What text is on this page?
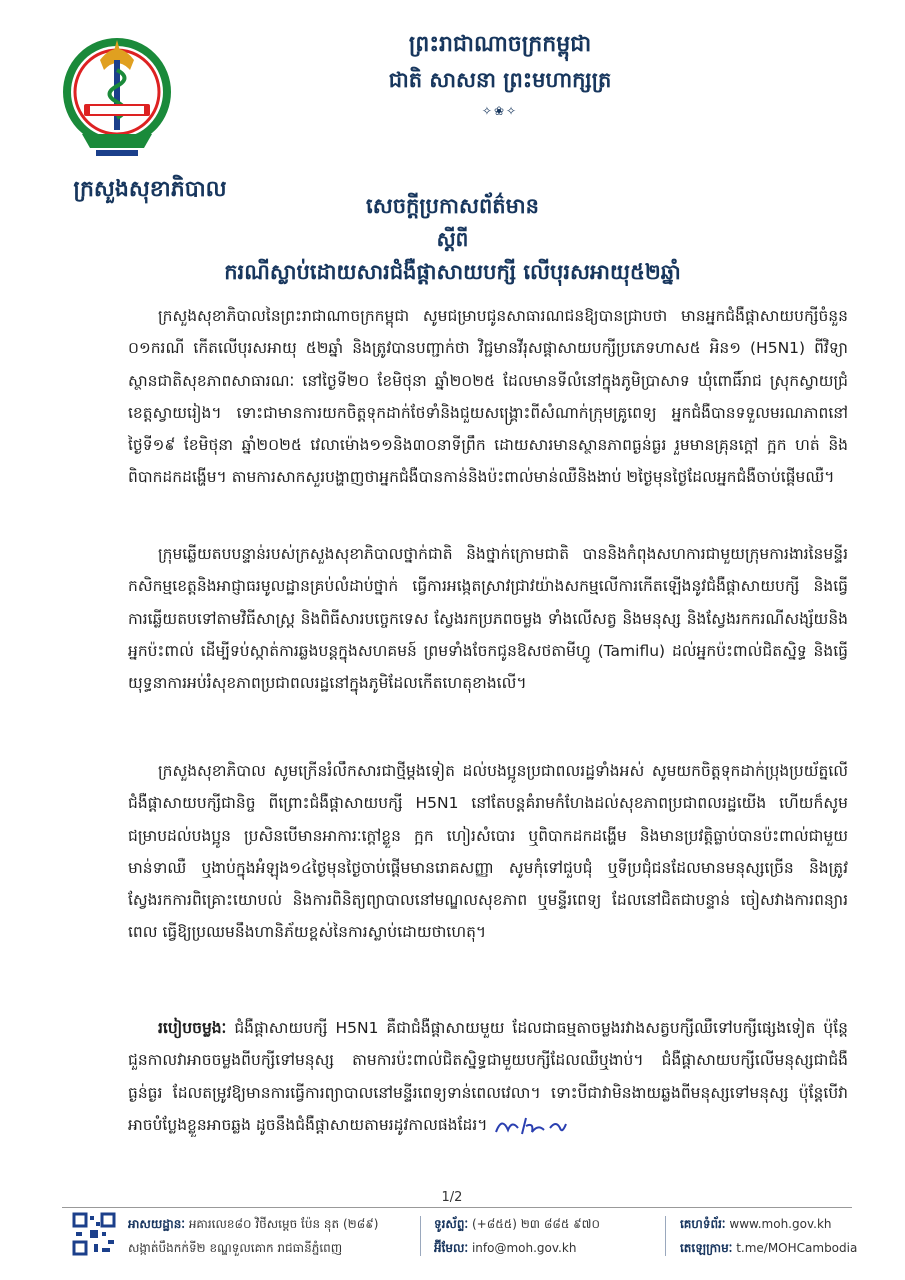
ក្រសួងសុខាភិបាល
ព្រះរាជាណាចក្រកម្ពុជា
ជាតិ សាសនា ព្រះមហាក្សត្រ
✧❀✧
សេចក្ដីប្រកាសព័ត៌មាន
ស្ដីពី
ករណីស្លាប់ដោយសារជំងឺផ្ដាសាយបក្សី លើបុរសអាយុ៥២ឆ្នាំ
ក្រសួងសុខាភិបាលនៃព្រះរាជាណាចក្រកម្ពុជា សូមជម្រាបជូនសាធារណជនឱ្យបានជ្រាបថា មានអ្នកជំងឺផ្ដាសាយបក្សីចំនួន ០១ករណី កើតលើបុរសអាយុ ៥២ឆ្នាំ និងត្រូវបានបញ្ជាក់ថា វិជ្ជមានវីរុសផ្ដាសាយបក្សីប្រភេទហាស៥ អិន១ (H5N1) ពីវិទ្យាស្ថានជាតិសុខភាពសាធារណៈ នៅថ្ងៃទី២០ ខែមិថុនា ឆ្នាំ២០២៥ ដែលមានទីលំនៅក្នុងភូមិប្រាសាទ ឃុំពោធិ៍រាជ ស្រុកស្វាយជ្រំ ខេត្តស្វាយរៀង។ ទោះជាមានការយកចិត្តទុកដាក់ថែទាំនិងជួយសង្គ្រោះពីសំណាក់ក្រុមគ្រូពេទ្យ អ្នកជំងឺបានទទួលមរណភាពនៅថ្ងៃទី១៩ ខែមិថុនា ឆ្នាំ២០២៥ វេលាម៉ោង១១និង៣០នាទីព្រឹក ដោយសារមានស្ថានភាពធ្ងន់ធ្ងរ រួមមានគ្រុនក្ដៅ ក្អក ហត់ និងពិបាកដកដង្ហើម។ តាមការសាកសួរបង្ហាញថាអ្នកជំងឺបានកាន់និងប៉ះពាល់មាន់ឈឺនិងងាប់ ២ថ្ងៃមុនថ្ងៃដែលអ្នកជំងឺចាប់ផ្ដើមឈឺ។
ក្រុមឆ្លើយតបបន្ទាន់របស់ក្រសួងសុខាភិបាលថ្នាក់ជាតិ និងថ្នាក់ក្រោមជាតិ បាននិងកំពុងសហការជាមួយក្រុមការងារនៃមន្ទីរកសិកម្មខេត្តនិងអាជ្ញាធរមូលដ្ឋានគ្រប់លំដាប់ថ្នាក់ ធ្វើការអង្កេតស្រាវជ្រាវយ៉ាងសកម្មលើការកើតឡើងនូវជំងឺផ្ដាសាយបក្សី និងធ្វើការឆ្លើយតបទៅតាមវិធីសាស្ត្រ និងពិធីសារបច្ចេកទេស ស្វែងរកប្រភពចម្លង ទាំងលើសត្វ និងមនុស្ស និងស្វែងរកករណីសង្ស័យនិងអ្នកប៉ះពាល់ ដើម្បីទប់ស្កាត់ការឆ្លងបន្តក្នុងសហគមន៍ ព្រមទាំងចែកជូនឱសថតាមីហ្វូ (Tamiflu) ដល់អ្នកប៉ះពាល់ជិតស្និទ្ធ និងធ្វើយុទ្ធនាការអប់រំសុខភាពប្រជាពលរដ្ឋនៅក្នុងភូមិដែលកើតហេតុខាងលើ។
ក្រសួងសុខាភិបាល សូមក្រើនរំលឹកសារជាថ្មីម្ដងទៀត ដល់បងប្អូនប្រជាពលរដ្ឋទាំងអស់ សូមយកចិត្តទុកដាក់ប្រុងប្រយ័ត្នលើជំងឺផ្ដាសាយបក្សីជានិច្ច ពីព្រោះជំងឺផ្ដាសាយបក្សី H5N1 នៅតែបន្តគំរាមកំហែងដល់សុខភាពប្រជាពលរដ្ឋយើង ហើយក៏សូមជម្រាបដល់បងប្អូន ប្រសិនបើមានអាការៈក្ដៅខ្លួន ក្អក ហៀរសំបោរ ឬពិបាកដកដង្ហើម និងមានប្រវត្តិធ្លាប់បានប៉ះពាល់ជាមួយមាន់ទាឈឺ ឬងាប់ក្នុងអំឡុង១៤ថ្ងៃមុនថ្ងៃចាប់ផ្ដើមមានរោគសញ្ញា សូមកុំទៅជួបជុំ ឬទីប្រជុំជនដែលមានមនុស្សច្រើន និងត្រូវស្វែងរកការពិគ្រោះយោបល់ និងការពិនិត្យព្យាបាលនៅមណ្ឌលសុខភាព ឬមន្ទីរពេទ្យ ដែលនៅជិតជាបន្ទាន់ ចៀសវាងការពន្យារពេល ធ្វើឱ្យប្រឈមនឹងហានិភ័យខ្ពស់នៃការស្លាប់ដោយថាហេតុ។
របៀបចម្លងៈ ជំងឺផ្ដាសាយបក្សី H5N1 គឺជាជំងឺផ្ដាសាយមួយ ដែលជាធម្មតាចម្លងរវាងសត្វបក្សីឈឺទៅបក្សីផ្សេងទៀត ប៉ុន្តែជួនកាលវាអាចចម្លងពីបក្សីទៅមនុស្ស តាមការប៉ះពាល់ជិតស្និទ្ធជាមួយបក្សីដែលឈឺឬងាប់។ ជំងឺផ្ដាសាយបក្សីលើមនុស្សជាជំងឺធ្ងន់ធ្ងរ ដែលតម្រូវឱ្យមានការធ្វើការព្យាបាលនៅមន្ទីរពេទ្យទាន់ពេលវេលា។ ទោះបីជាវាមិនងាយឆ្លងពីមនុស្សទៅមនុស្ស ប៉ុន្តែបើវាអាចបំប្លែងខ្លួនអាចឆ្លង ដូចនឹងជំងឺផ្ដាសាយតាមរដូវកាលផងដែរ។
1/2
អាសយដ្ឋានៈ អគារលេខ៨០ វិថីសម្ដេច ប៉ែន នុត (២៨៩)
សង្កាត់បឹងកក់ទី២ ខណ្ឌទួលគោក រាជធានីភ្នំពេញ
ទូរស័ព្ទៈ (+៨៥៥) ២៣ ៨៨៥ ៩៧០
អ៊ីមែលៈ info@moh.gov.kh
គេហទំព័រៈ www.moh.gov.kh
តេឡេក្រាមៈ t.me/MOHCambodia
